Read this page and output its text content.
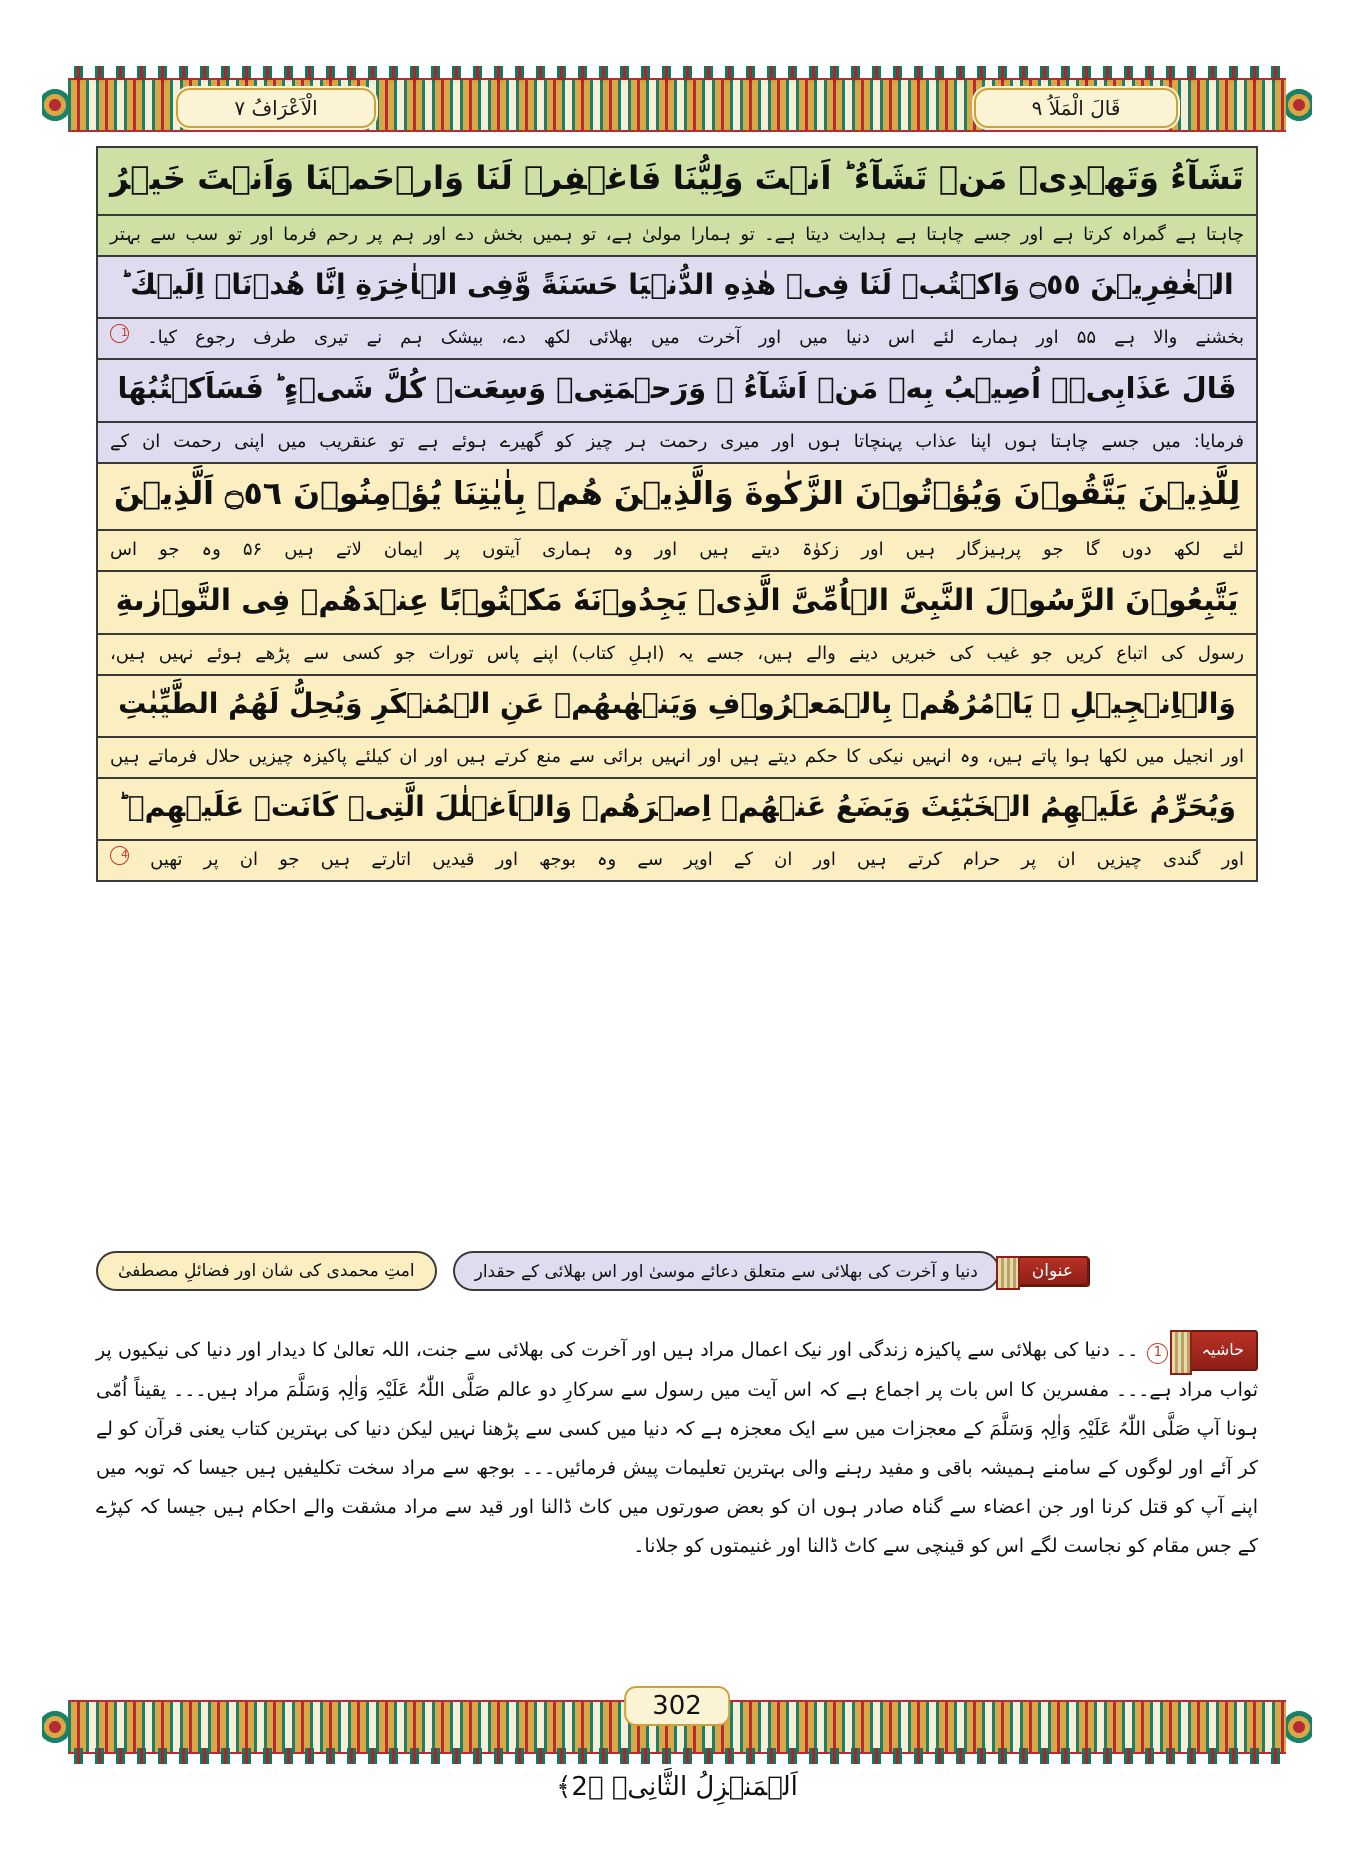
الْاَعْرَافُ ٧	قَالَ الْمَلَاُ ٩
تَشَآءُ وَتَهۡدِىۡ مَنۡ تَشَآءُ ؕ اَنۡتَ وَلِيُّنَا فَاغۡفِرۡ لَنَا وَارۡحَمۡنَا وَاَنۡتَ خَيۡرُ
چاہتا ہے گمراہ کرتا ہے اور جسے چاہتا ہے ہدایت دیتا ہے۔ تو ہمارا مولیٰ ہے، تو ہمیں بخش دے اور ہم پر رحم فرما اور تو سب سے بہتر
الۡغٰفِرِيۡنَ ۝٥٥ وَاكۡتُبۡ لَنَا فِىۡ هٰذِهِ الدُّنۡيَا حَسَنَةً وَّفِى الۡاٰخِرَةِ اِنَّا هُدۡنَاۤ اِلَيۡكَ ؕ
بخشنے والا ہے ۵۵ اور ہمارے لئے اس دنیا میں اور آخرت میں بھلائی لکھ دے، بیشک ہم نے تیری طرف رجوع کیا۔ 1
قَالَ عَذَابِىۡۤ اُصِيۡبُ بِهٖ مَنۡ اَشَآءُ ۚ وَرَحۡمَتِىۡ وَسِعَتۡ كُلَّ شَىۡءٍ ؕ فَسَاَكۡتُبُهَا
فرمایا: میں جسے چاہتا ہوں اپنا عذاب پہنچاتا ہوں اور میری رحمت ہر چیز کو گھیرے ہوئے ہے تو عنقریب میں اپنی رحمت ان کے
لِلَّذِيۡنَ يَتَّقُوۡنَ وَيُؤۡتُوۡنَ الزَّكٰوةَ وَالَّذِيۡنَ هُمۡ بِاٰيٰتِنَا يُؤۡمِنُوۡنَ ۝٥٦ اَلَّذِيۡنَ
لئے لکھ دوں گا جو پرہیزگار ہیں اور زکوٰۃ دیتے ہیں اور وہ ہماری آیتوں پر ایمان لاتے ہیں ۵۶ وہ جو اس
يَتَّبِعُوۡنَ الرَّسُوۡلَ النَّبِىَّ الۡاُمِّىَّ الَّذِىۡ يَجِدُوۡنَهٗ مَكۡتُوۡبًا عِنۡدَهُمۡ فِى التَّوۡرٰٮةِ
رسول کی اتباع کریں جو غیب کی خبریں دینے والے ہیں، جسے یہ (اہلِ کتاب) اپنے پاس تورات جو کسی سے پڑھے ہوئے نہیں ہیں،
وَالۡاِنۡجِيۡلِ ۠ يَاۡمُرُهُمۡ بِالۡمَعۡرُوۡفِ وَيَنۡهٰٮهُمۡ عَنِ الۡمُنۡكَرِ وَيُحِلُّ لَهُمُ الطَّيِّبٰتِ
اور انجیل میں لکھا ہوا پاتے ہیں، وہ انہیں نیکی کا حکم دیتے ہیں اور انہیں برائی سے منع کرتے ہیں اور ان کیلئے پاکیزہ چیزیں حلال فرماتے ہیں
وَيُحَرِّمُ عَلَيۡهِمُ الۡخَبٰٓئِثَ وَيَضَعُ عَنۡهُمۡ اِصۡرَهُمۡ وَالۡاَغۡلٰلَ الَّتِىۡ كَانَتۡ عَلَيۡهِمۡ ؕ
اور گندی چیزیں ان پر حرام کرتے ہیں اور ان کے اوپر سے وہ بوجھ اور قیدیں اتارتے ہیں جو ان پر تھیں 4
عنوان
دنیا و آخرت کی بھلائی سے متعلق دعائے موسیٰ اور اس بھلائی کے حقدار
امتِ محمدی کی شان اور فضائلِ مصطفیٰ

حاشیہ 1 ۔۔ دنیا کی بھلائی سے پاکیزہ زندگی اور نیک اعمال مراد ہیں اور آخرت کی بھلائی سے جنت، اللہ تعالیٰ کا دیدار اور دنیا کی نیکیوں پر ثواب مراد ہے۔۔۔ مفسرین کا اس بات پر اجماع ہے کہ اس آیت میں رسول سے سرکارِ دو عالم صَلَّی اللّٰہُ عَلَیْہِ وَاٰلِہٖ وَسَلَّمَ مراد ہیں۔۔۔ یقیناً اُمّی ہونا آپ صَلَّی اللّٰہُ عَلَیْہِ وَاٰلِہٖ وَسَلَّمَ کے معجزات میں سے ایک معجزہ ہے کہ دنیا میں کسی سے پڑھنا نہیں لیکن دنیا کی بہترین کتاب یعنی قرآن کو لے کر آئے اور لوگوں کے سامنے ہمیشہ باقی و مفید رہنے والی بہترین تعلیمات پیش فرمائیں۔۔۔ بوجھ سے مراد سخت تکلیفیں ہیں جیسا کہ توبہ میں اپنے آپ کو قتل کرنا اور جن اعضاء سے گناہ صادر ہوں ان کو بعض صورتوں میں کاٹ ڈالنا اور قید سے مراد مشقت والے احکام ہیں جیسا کہ کپڑے کے جس مقام کو نجاست لگے اس کو قینچی سے کاٹ ڈالنا اور غنیمتوں کو جلانا۔

302
اَلۡمَنۡزِلُ الثَّانِیۡ ﴿2﴾
